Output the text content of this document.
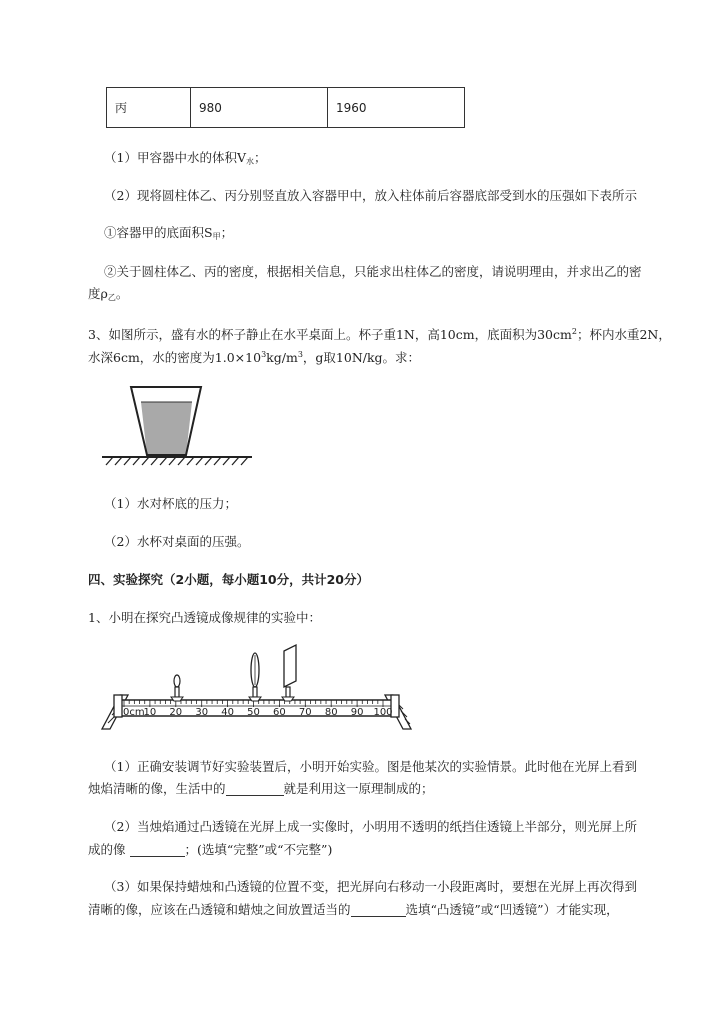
丙	980	1960
（1）甲容器中水的体积$V_水$；
（2）现将圆柱体乙、丙分别竖直放入容器甲中，放入柱体前后容器底部受到水的压强如下表所示
①容器甲的底面积$S_甲$；
②关于圆柱体乙、丙的密度，根据相关信息，只能求出柱体乙的密度，请说明理由，并求出乙的密
度$\rho_乙$。
3、如图所示，盛有水的杯子静止在水平桌面上。杯子重1N，高10cm，底面积为$30cm^2$；杯内水重2N，
水深6cm，水的密度为$1.0\times 10^3kg/m^3$，g取10N/kg。求：
（1）水对杯底的压力；
（2）水杯对桌面的压强。
四、实验探究（2小题，每小题10分，共计20分）
1、小明在探究凸透镜成像规律的实验中：
0cm
10 20 30 40 50 60 70 80 90 100
（1）正确安装调节好实验装置后，小明开始实验。图是他某次的实验情景。此时他在光屏上看到
烛焰清晰的像，生活中的	就是利用这一原理制成的；
（2）当烛焰通过凸透镜在光屏上成一实像时，小明用不透明的纸挡住透镜上半部分，则光屏上所
成的像	；(选填“完整”或“不完整”)
（3）如果保持蜡烛和凸透镜的位置不变，把光屏向右移动一小段距离时，要想在光屏上再次得到
清晰的像，应该在凸透镜和蜡烛之间放置适当的	选填“凸透镜”或“凹透镜”）才能实现，
